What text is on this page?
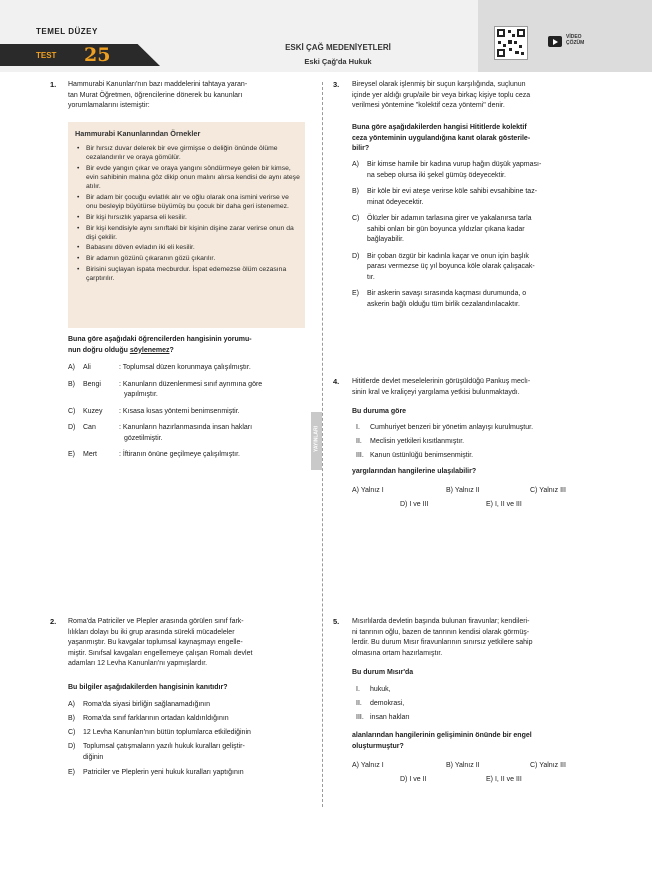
TEMEL DÜZEY
TEST 25	ESKİ ÇAĞ MEDENİYETLERİ
Eski Çağ'da Hukuk
VİDEO
ÇÖZÜM
YAYINLARI
1. Hammurabi Kanunları'nın bazı maddelerini tahtaya yaran-
tan Murat Öğretmen, öğrencilerine dönerek bu kanunları
yorumlamalarını istemiştir:
Hammurabi Kanunlarından Örnekler
• Bir hırsız duvar delerek bir eve girmişse o deliğin önünde ölüme cezalandırılır ve oraya gömülür.
• Bir evde yangın çıkar ve oraya yangını söndürmeye gelen bir kimse, evin sahibinin malına göz dikip onun malını alırsa kendisi de aynı ateşe atılır.
• Bir adam bir çocuğu evlatlık alır ve oğlu olarak ona ismini verirse ve onu besleyip büyütürse büyümüş bu çocuk bir daha geri istenemez.
• Bir kişi hırsızlık yaparsa eli kesilir.
• Bir kişi kendisiyle aynı sınıftaki bir kişinin dişine zarar verirse onun da dişi çekilir.
• Babasını döven evladın iki eli kesilir.
• Bir adamın gözünü çıkaranın gözü çıkarılır.
• Birisini suçlayan ispata mecburdur. İspat edemezse ölüm cezasına çarptırılır.
Buna göre aşağıdaki öğrencilerden hangisinin yorumu-
nun doğru olduğu söylenemez?
A) Ali	: Toplumsal düzen korunmaya çalışılmıştır.
B) Bengi	: Kanunların düzenlenmesi sınıf ayrımına göre
yapılmıştır.
C) Kuzey : Kısasa kısas yöntemi benimsenmiştir.
D) Can	: Kanunların hazırlanmasında insan hakları
gözetilmiştir.
E) Mert	: İftiranın önüne geçilmeye çalışılmıştır.
2. Roma'da Patriciler ve Plepler arasında görülen sınıf fark-
lılıkları dolayı bu iki grup arasında sürekli mücadeleler
yaşanmıştır. Bu kavgalar toplumsal kaynaşmayı engelle-
miştir. Sınıfsal kavgaları engellemeye çalışan Romalı devlet
adamları 12 Levha Kanunları'nı yapmışlardır.
Bu bilgiler aşağıdakilerden hangisinin kanıtıdır?
A) Roma'da siyasi birliğin sağlanamadığının
B) Roma'da sınıf farklarının ortadan kaldırıldığının
C) 12 Levha Kanunları'nın bütün toplumlarca etkilediğinin
D) Toplumsal çatışmaların yazılı hukuk kuralları geliştir-
diğinin
E) Patriciler ve Pleplerin yeni hukuk kuralları yaptığının
3. Bireysel olarak işlenmiş bir suçun karşılığında, suçlunun
içinde yer aldığı grup/aile bir veya birkaç kişiye toplu ceza
verilmesi yöntemine "kolektif ceza yöntemi" denir.
Buna göre aşağıdakilerden hangisi Hititlerde kolektif
ceza yönteminin uygulandığına kanıt olarak gösterile-
bilir?
A) Bir kimse hamile bir kadına vurup hağın düşük yapması-
na sebep olursa iki şekel gümüş ödeyecektir.
B) Bir köle bir evi ateşe verirse köle sahibi evsahibine taz-
minat ödeyecektir.
C) Ölüzler bir adamın tarlasına girer ve yakalanırsa tarla
sahibi onları bir gün boyunca yıldızlar çıkana kadar
bağlayabilir.
D) Bir çoban özgür bir kadınla kaçar ve onun için başlık
parası vermezse üç yıl boyunca köle olarak çalışacak-
tır.
E) Bir askerin savaşı sırasında kaçması durumunda, o
askerin bağlı olduğu tüm birlik cezalandırılacaktır.
4. Hititlerde devlet meselelerinin görüşüldüğü Pankuş meclı-
sinin kral ve kraliçeyi yargılama yetkisi bulunmaktaydı.
Bu duruma göre
I. Cumhuriyet benzeri bir yönetim anlayışı kurulmuştur.
II. Meclisin yetkileri kısıtlanmıştır.
III. Kanun üstünlüğü benimsenmiştir.
yargılarından hangilerine ulaşılabilir?
A) Yalnız I	B) Yalnız II	C) Yalnız III
D) I ve III	E) I, II ve III
5. Mısırlılarda devletin başında bulunan firavunlar; kendileri-
ni tanrının oğlu, bazen de tanrının kendisi olarak görmüş-
lerdir. Bu durum Mısır firavunlarının sınırsız yetkilere sahip
olmasına ortam hazırlamıştır.
Bu durum Mısır'da
I. hukuk,
II. demokrasi,
III. insan hakları
alanlarından hangilerinin gelişiminin önünde bir engel
oluşturmuştur?
A) Yalnız I	B) Yalnız II	C) Yalnız III
D) I ve II	E) I, II ve III
